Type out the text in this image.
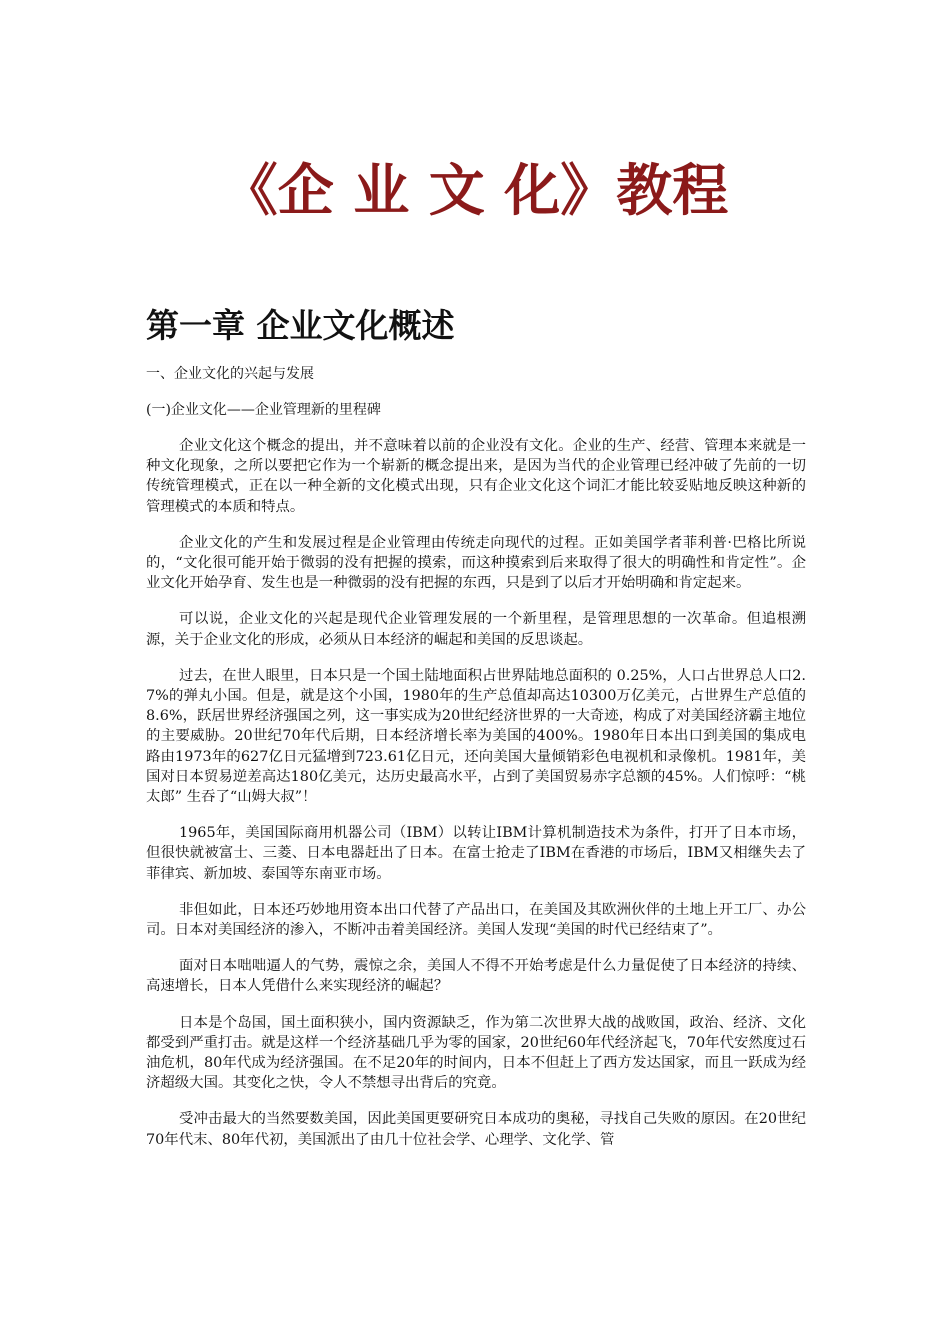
《企 业 文 化》教程
第一章 企业文化概述

一、企业文化的兴起与发展

(一)企业文化——企业管理新的里程碑

企业文化这个概念的提出，并不意味着以前的企业没有文化。企业的生产、经营、管理本来就是一种文化现象，之所以要把它作为一个崭新的概念提出来，是因为当代的企业管理已经冲破了先前的一切传统管理模式，正在以一种全新的文化模式出现，只有企业文化这个词汇才能比较妥贴地反映这种新的管理模式的本质和特点。

企业文化的产生和发展过程是企业管理由传统走向现代的过程。正如美国学者菲利普·巴格比所说的，“文化很可能开始于微弱的没有把握的摸索，而这种摸索到后来取得了很大的明确性和肯定性”。企业文化开始孕育、发生也是一种微弱的没有把握的东西，只是到了以后才开始明确和肯定起来。

可以说，企业文化的兴起是现代企业管理发展的一个新里程，是管理思想的一次革命。但追根溯源，关于企业文化的形成，必须从日本经济的崛起和美国的反思谈起。

过去，在世人眼里，日本只是一个国土陆地面积占世界陆地总面积的 0.25%，人口占世界总人口2.7%的弹丸小国。但是，就是这个小国，1980年的生产总值却高达10300万亿美元，占世界生产总值的8.6%，跃居世界经济强国之列，这一事实成为20世纪经济世界的一大奇迹，构成了对美国经济霸主地位的主要威胁。20世纪70年代后期，日本经济增长率为美国的400%。1980年日本出口到美国的集成电路由1973年的627亿日元猛增到723.61亿日元，还向美国大量倾销彩色电视机和录像机。1981年，美国对日本贸易逆差高达180亿美元，达历史最高水平，占到了美国贸易赤字总额的45%。人们惊呼：“桃太郎” 生吞了“山姆大叔”！

1965年，美国国际商用机器公司（IBM）以转让IBM计算机制造技术为条件，打开了日本市场，但很快就被富士、三菱、日本电器赶出了日本。在富士抢走了IBM在香港的市场后，IBM又相继失去了菲律宾、新加坡、泰国等东南亚市场。

非但如此，日本还巧妙地用资本出口代替了产品出口，在美国及其欧洲伙伴的土地上开工厂、办公司。日本对美国经济的渗入，不断冲击着美国经济。美国人发现“美国的时代已经结束了”。

面对日本咄咄逼人的气势，震惊之余，美国人不得不开始考虑是什么力量促使了日本经济的持续、高速增长，日本人凭借什么来实现经济的崛起？

日本是个岛国，国土面积狭小，国内资源缺乏，作为第二次世界大战的战败国，政治、经济、文化都受到严重打击。就是这样一个经济基础几乎为零的国家，20世纪60年代经济起飞，70年代安然度过石油危机，80年代成为经济强国。在不足20年的时间内，日本不但赶上了西方发达国家，而且一跃成为经济超级大国。其变化之快，令人不禁想寻出背后的究竟。

受冲击最大的当然要数美国，因此美国更要研究日本成功的奥秘，寻找自己失败的原因。在20世纪70年代末、80年代初，美国派出了由几十位社会学、心理学、文化学、管
